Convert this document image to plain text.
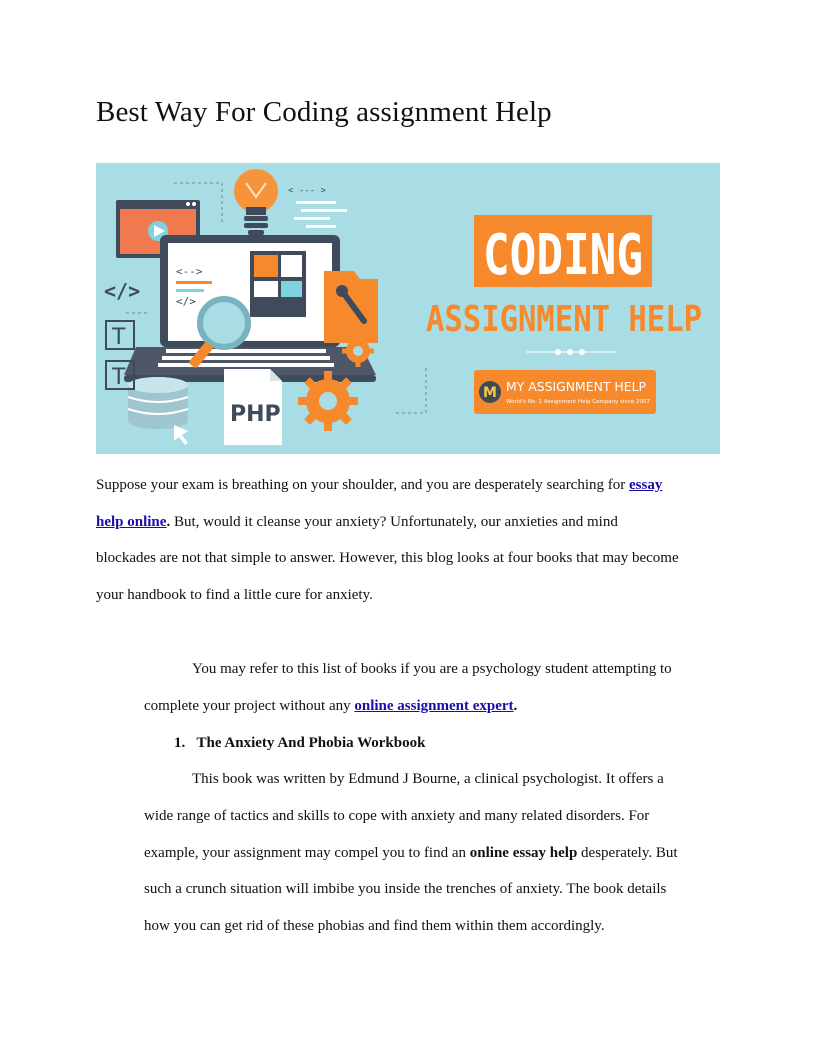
Best Way For Coding assignment Help
< --- >
<-->
</>
PHP
</>
T
T
CODING
ASSIGNMENT HELP
M MY ASSIGNMENT HELP
World's No. 1 Assignment Help Company since 2007
Suppose your exam is breathing on your shoulder, and you are desperately searching for essay
help online. But, would it cleanse your anxiety? Unfortunately, our anxieties and mind
blockades are not that simple to answer. However, this blog looks at four books that may become
your handbook to find a little cure for anxiety.
You may refer to this list of books if you are a psychology student attempting to
complete your project without any online assignment expert.
1. The Anxiety And Phobia Workbook
This book was written by Edmund J Bourne, a clinical psychologist. It offers a
wide range of tactics and skills to cope with anxiety and many related disorders. For
example, your assignment may compel you to find an online essay help desperately. But
such a crunch situation will imbibe you inside the trenches of anxiety. The book details
how you can get rid of these phobias and find them within them accordingly.
